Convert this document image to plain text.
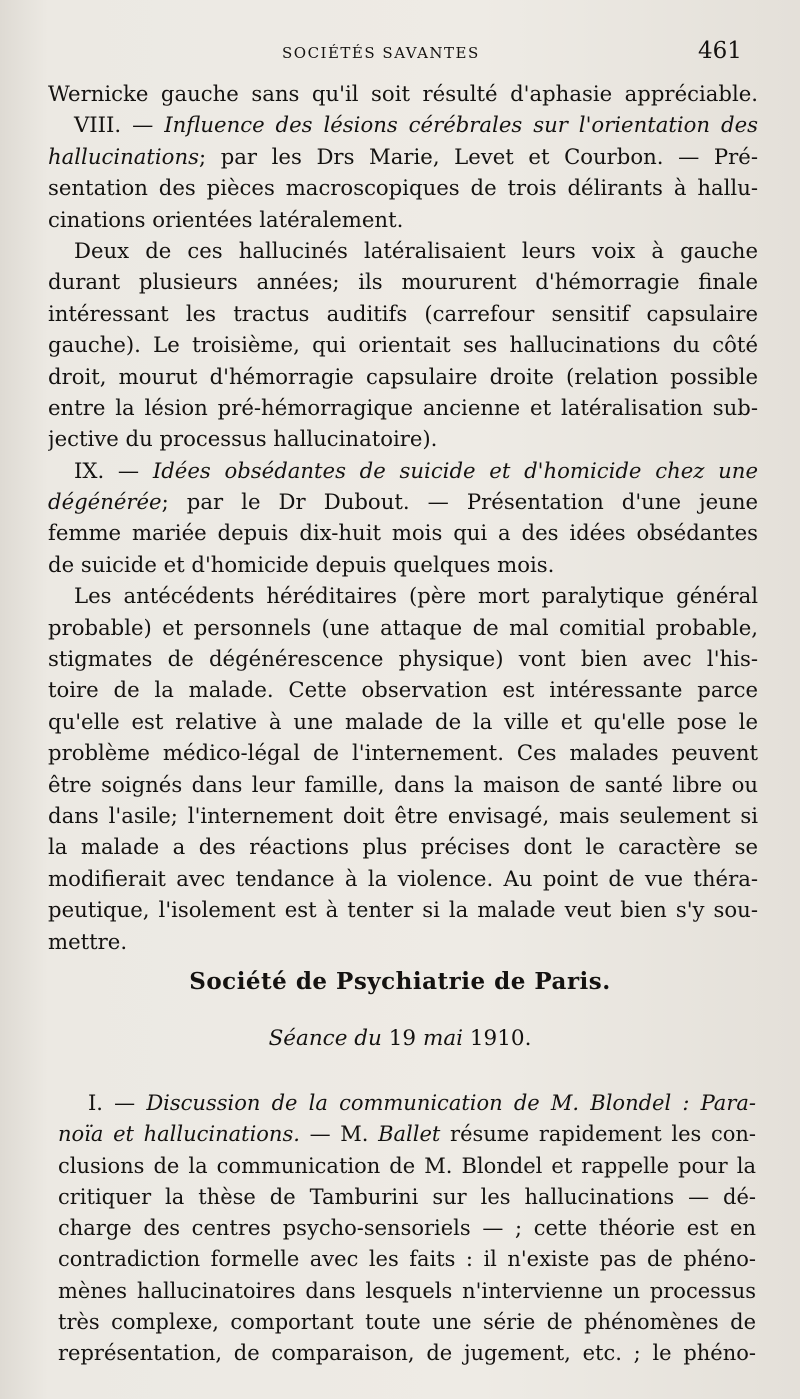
SOCIÉTÉS SAVANTES	461
Wernicke gauche sans qu'il soit résulté d'aphasie appréciable.
VIII. — Influence des lésions cérébrales sur l'orientation des
hallucinations; par les Drs Marie, Levet et Courbon. — Pré-
sentation des pièces macroscopiques de trois délirants à hallu-
cinations orientées latéralement.
Deux de ces hallucinés latéralisaient leurs voix à gauche
durant plusieurs années; ils moururent d'hémorragie finale
intéressant les tractus auditifs (carrefour sensitif capsulaire
gauche). Le troisième, qui orientait ses hallucinations du côté
droit, mourut d'hémorragie capsulaire droite (relation possible
entre la lésion pré-hémorragique ancienne et latéralisation sub-
jective du processus hallucinatoire).
IX. — Idées obsédantes de suicide et d'homicide chez une
dégénérée; par le Dr Dubout. — Présentation d'une jeune
femme mariée depuis dix-huit mois qui a des idées obsédantes
de suicide et d'homicide depuis quelques mois.
Les antécédents héréditaires (père mort paralytique général
probable) et personnels (une attaque de mal comitial probable,
stigmates de dégénérescence physique) vont bien avec l'his-
toire de la malade. Cette observation est intéressante parce
qu'elle est relative à une malade de la ville et qu'elle pose le
problème médico-légal de l'internement. Ces malades peuvent
être soignés dans leur famille, dans la maison de santé libre ou
dans l'asile; l'internement doit être envisagé, mais seulement si
la malade a des réactions plus précises dont le caractère se
modifierait avec tendance à la violence. Au point de vue théra-
peutique, l'isolement est à tenter si la malade veut bien s'y sou-
mettre.
Société de Psychiatrie de Paris.
Séance du 19 mai 1910.
I. — Discussion de la communication de M. Blondel : Para-
noïa et hallucinations. — M. Ballet résume rapidement les con-
clusions de la communication de M. Blondel et rappelle pour la
critiquer la thèse de Tamburini sur les hallucinations — dé-
charge des centres psycho-sensoriels — ; cette théorie est en
contradiction formelle avec les faits : il n'existe pas de phéno-
mènes hallucinatoires dans lesquels n'intervienne un processus
très complexe, comportant toute une série de phénomènes de
représentation, de comparaison, de jugement, etc. ; le phéno-
